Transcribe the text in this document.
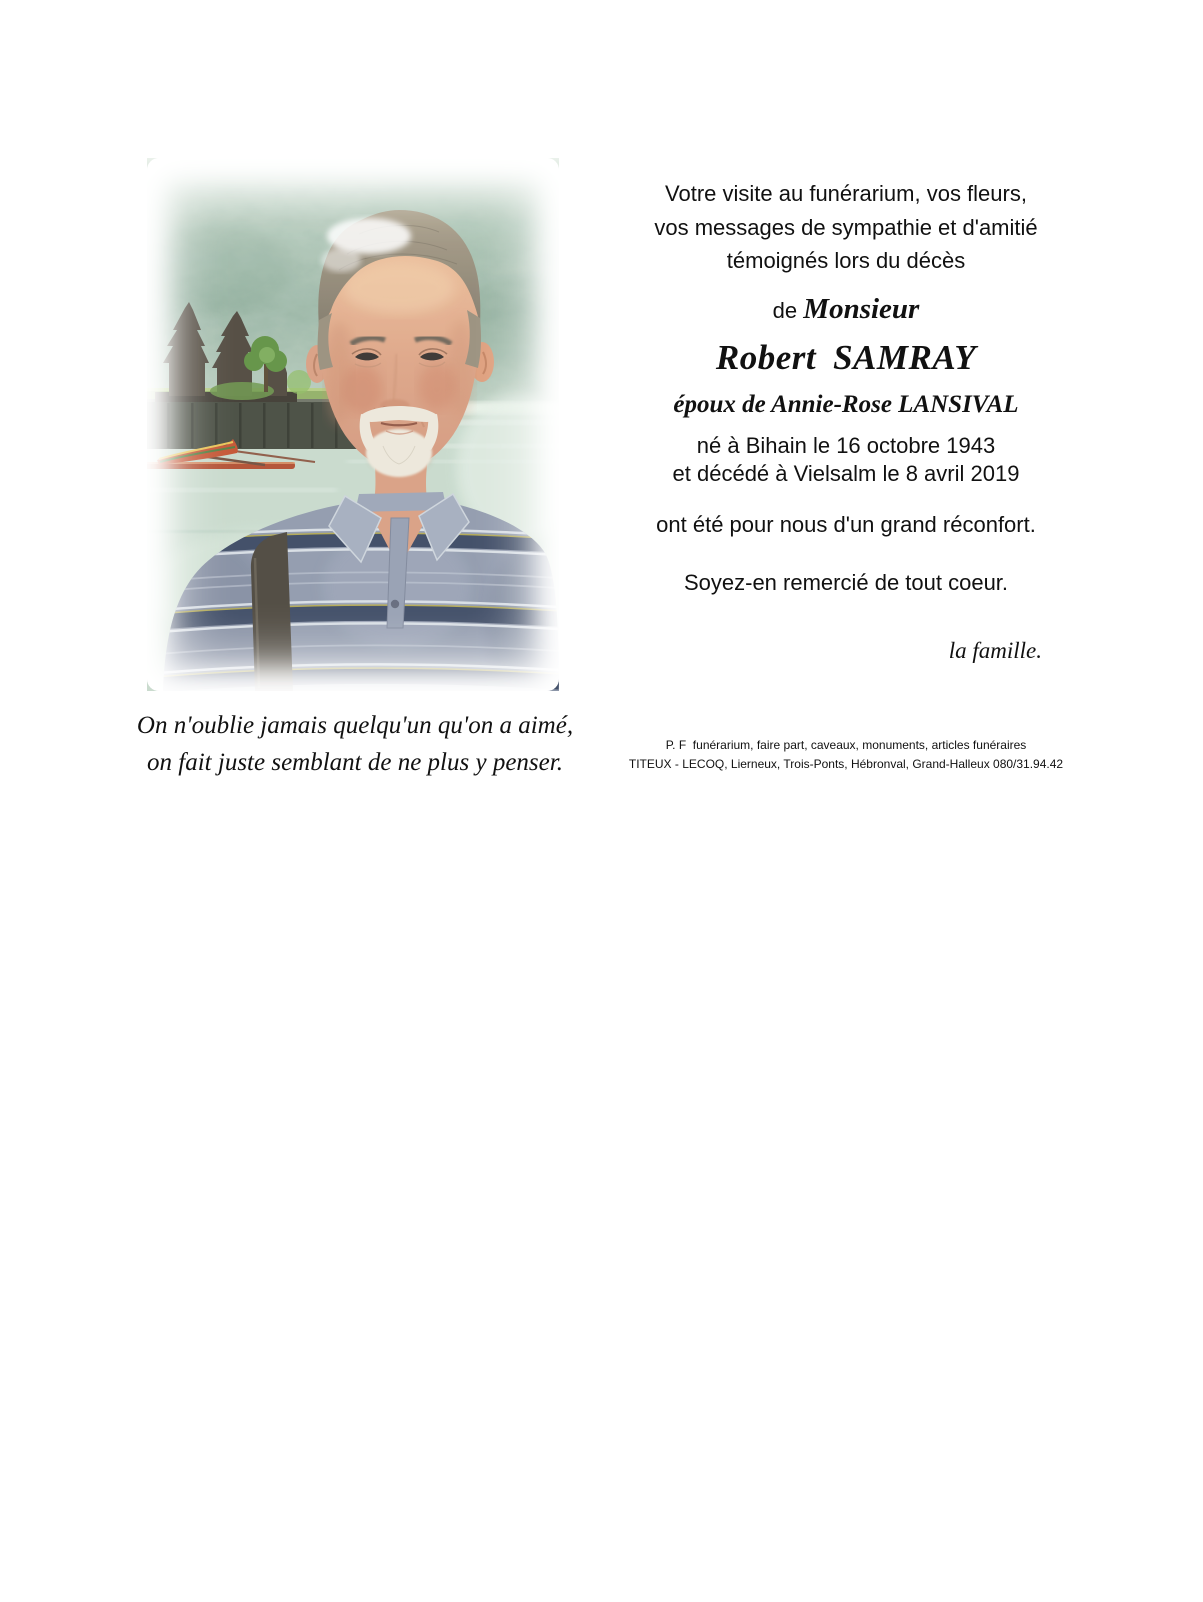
Votre visite au funérarium, vos fleurs,

vos messages de sympathie et d'amitié

témoignés lors du décès

de Monsieur

Robert SAMRAY

époux de Annie-Rose LANSIVAL

né à Bihain le 16 octobre 1943

et décédé à Vielsalm le 8 avril 2019

ont été pour nous d'un grand réconfort.

Soyez-en remercié de tout coeur.

la famille.

P. F  funérarium, faire part, caveaux, monuments, articles funéraires

TITEUX - LECOQ, Lierneux, Trois-Ponts, Hébronval, Grand-Halleux 080/31.94.42

On n'oublie jamais quelqu'un qu'on a aimé,

on fait juste semblant de ne plus y penser.
